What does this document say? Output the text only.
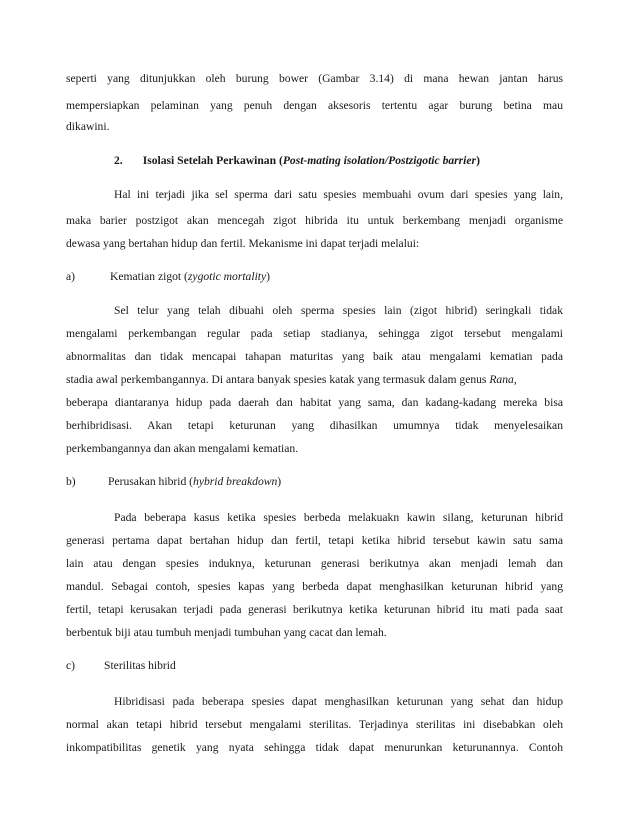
seperti yang ditunjukkan oleh burung bower (Gambar 3.14) di mana hewan jantan harus
mempersiapkan pelaminan yang penuh dengan aksesoris tertentu agar burung betina mau
dikawini.
2. Isolasi Setelah Perkawinan (Post-mating isolation/Postzigotic barrier)
Hal ini terjadi jika sel sperma dari satu spesies membuahi ovum dari spesies yang lain,
maka barier postzigot akan mencegah zigot hibrida itu untuk berkembang menjadi organisme
dewasa yang bertahan hidup dan fertil. Mekanisme ini dapat terjadi melalui:
a)	Kematian zigot (zygotic mortality)
Sel telur yang telah dibuahi oleh sperma spesies lain (zigot hibrid) seringkali tidak
mengalami perkembangan regular pada setiap stadianya, sehingga zigot tersebut mengalami
abnormalitas dan tidak mencapai tahapan maturitas yang baik atau mengalami kematian pada
stadia awal perkembangannya. Di antara banyak spesies katak yang termasuk dalam genus Rana,
beberapa diantaranya hidup pada daerah dan habitat yang sama, dan kadang-kadang mereka bisa
berhibridisasi. Akan tetapi keturunan yang dihasilkan umumnya tidak menyelesaikan
perkembangannya dan akan mengalami kematian.
b)	Perusakan hibrid (hybrid breakdown)
Pada beberapa kasus ketika spesies berbeda melakuakn kawin silang, keturunan hibrid
generasi pertama dapat bertahan hidup dan fertil, tetapi ketika hibrid tersebut kawin satu sama
lain atau dengan spesies induknya, keturunan generasi berikutnya akan menjadi lemah dan
mandul. Sebagai contoh, spesies kapas yang berbeda dapat menghasilkan keturunan hibrid yang
fertil, tetapi kerusakan terjadi pada generasi berikutnya ketika keturunan hibrid itu mati pada saat
berbentuk biji atau tumbuh menjadi tumbuhan yang cacat dan lemah.
c) Sterilitas hibrid
Hibridisasi pada beberapa spesies dapat menghasilkan keturunan yang sehat dan hidup
normal akan tetapi hibrid tersebut mengalami sterilitas. Terjadinya sterilitas ini disebabkan oleh
inkompatibilitas genetik yang nyata sehingga tidak dapat menurunkan keturunannya. Contoh
